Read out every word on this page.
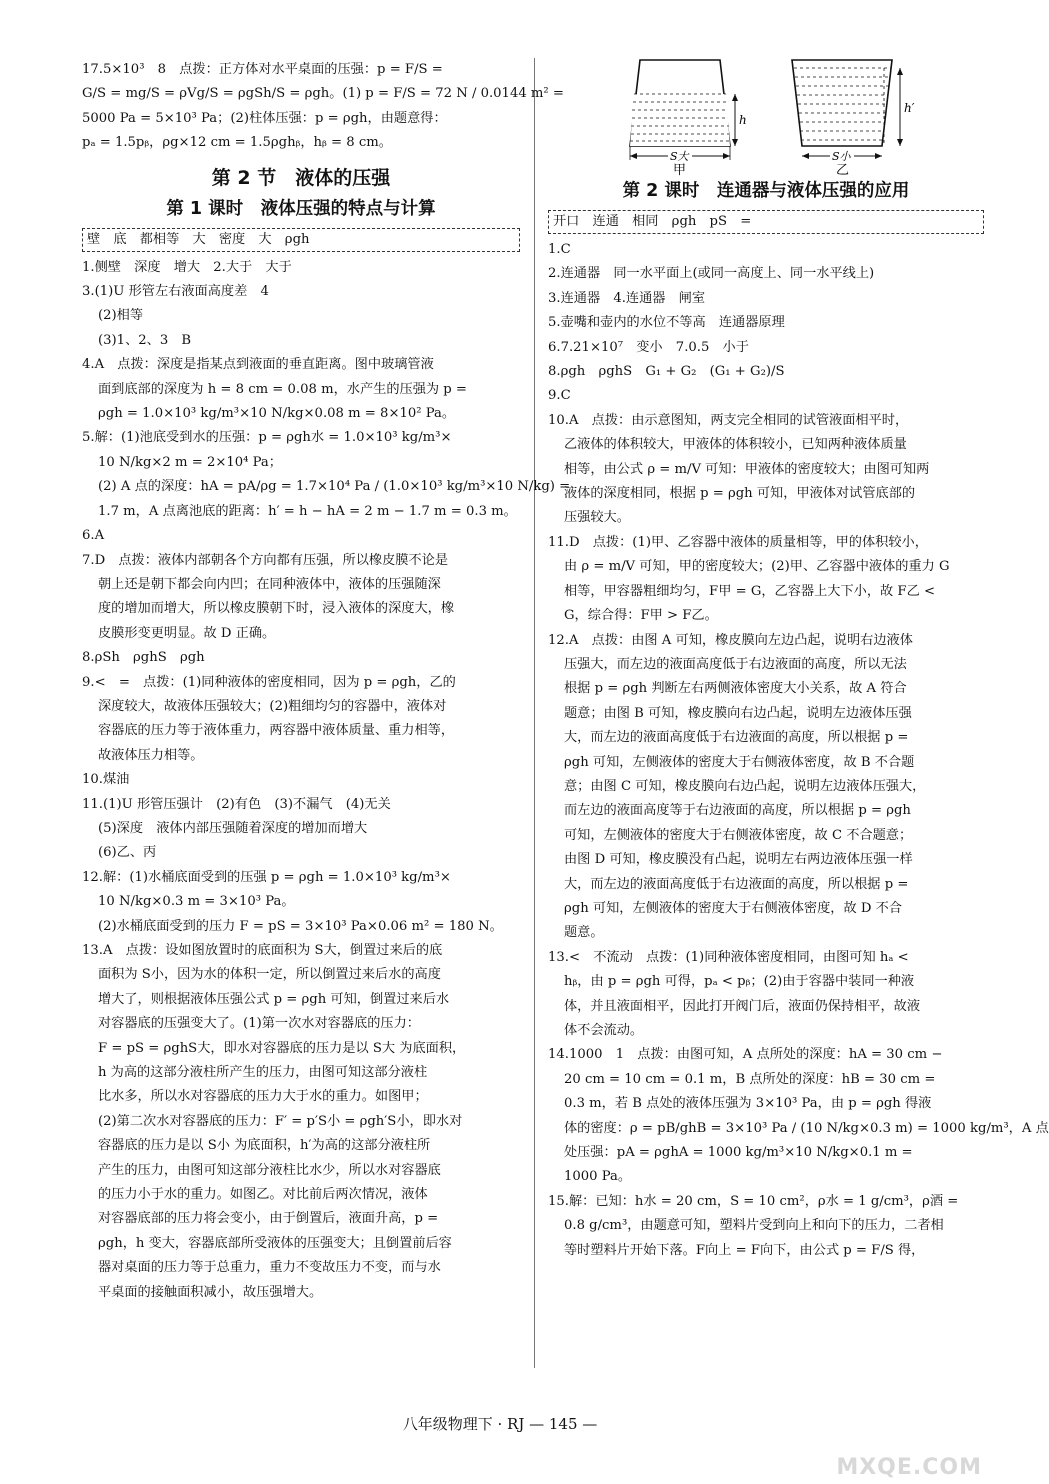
17.5×10³　8　点拨：正方体对水平桌面的压强：p = F/S =
G/S = mg/S = ρVg/S = ρgSh/S = ρgh。(1) p = F/S = 72 N / 0.0144 m² =
5000 Pa = 5×10³ Pa；(2)柱体压强：p = ρgh，由题意得：
pₐ = 1.5pᵦ，ρg×12 cm = 1.5ρghᵦ，hᵦ = 8 cm。
第 2 节　液体的压强
第 1 课时　液体压强的特点与计算
壁　底　都相等　大　密度　大　ρgh
1.侧壁　深度　增大　2.大于　大于
3.(1)U 形管左右液面高度差　4
(2)相等
(3)1、2、3　B
4.A　点拨：深度是指某点到液面的垂直距离。图中玻璃管液
面到底部的深度为 h = 8 cm = 0.08 m，水产生的压强为 p =
ρgh = 1.0×10³ kg/m³×10 N/kg×0.08 m = 8×10² Pa。
5.解：(1)池底受到水的压强：p = ρgh水 = 1.0×10³ kg/m³×
10 N/kg×2 m = 2×10⁴ Pa；
(2) A 点的深度：hA = pA/ρg = 1.7×10⁴ Pa / (1.0×10³ kg/m³×10 N/kg) =
1.7 m，A 点离池底的距离：h′ = h − hA = 2 m − 1.7 m = 0.3 m。
6.A
7.D　点拨：液体内部朝各个方向都有压强，所以橡皮膜不论是
朝上还是朝下都会向内凹；在同种液体中，液体的压强随深
度的增加而增大，所以橡皮膜朝下时，浸入液体的深度大，橡
皮膜形变更明显。故 D 正确。
8.ρSh　ρghS　ρgh
9.<　=　点拨：(1)同种液体的密度相同，因为 p = ρgh，乙的
深度较大，故液体压强较大；(2)粗细均匀的容器中，液体对
容器底的压力等于液体重力，两容器中液体质量、重力相等，
故液体压力相等。
10.煤油
11.(1)U 形管压强计　(2)有色　(3)不漏气　(4)无关
(5)深度　液体内部压强随着深度的增加而增大
(6)乙、丙
12.解：(1)水桶底面受到的压强 p = ρgh = 1.0×10³ kg/m³×
10 N/kg×0.3 m = 3×10³ Pa。
(2)水桶底面受到的压力 F = pS = 3×10³ Pa×0.06 m² = 180 N。
13.A　点拨：设如图放置时的底面积为 S大，倒置过来后的底
面积为 S小，因为水的体积一定，所以倒置过来后水的高度
增大了，则根据液体压强公式 p = ρgh 可知，倒置过来后水
对容器底的压强变大了。(1)第一次水对容器底的压力：
F = pS = ρghS大，即水对容器底的压力是以 S大 为底面积，
h 为高的这部分液柱所产生的压力，由图可知这部分液柱
比水多，所以水对容器底的压力大于水的重力。如图甲；
(2)第二次水对容器底的压力：F′ = p′S小 = ρgh′S小，即水对
容器底的压力是以 S小 为底面积，h′为高的这部分液柱所
产生的压力，由图可知这部分液柱比水少，所以水对容器底
的压力小于水的重力。如图乙。对比前后两次情况，液体
对容器底部的压力将会变小，由于倒置后，液面升高，p =
ρgh，h 变大，容器底部所受液体的压强变大；且倒置前后容
器对桌面的压力等于总重力，重力不变故压力不变，而与水
平桌面的接触面积减小，故压强增大。
h
S大
甲
h′
S小
乙
第 2 课时　连通器与液体压强的应用
开口　连通　相同　ρgh　pS　=
1.C
2.连通器　同一水平面上(或同一高度上、同一水平线上)
3.连通器　4.连通器　闸室
5.壶嘴和壶内的水位不等高　连通器原理
6.7.21×10⁷　变小　7.0.5　小于
8.ρgh　ρghS　G₁ + G₂　(G₁ + G₂)/S
9.C
10.A　点拨：由示意图知，两支完全相同的试管液面相平时，
乙液体的体积较大，甲液体的体积较小，已知两种液体质量
相等，由公式 ρ = m/V 可知：甲液体的密度较大；由图可知两
液体的深度相同，根据 p = ρgh 可知，甲液体对试管底部的
压强较大。
11.D　点拨：(1)甲、乙容器中液体的质量相等，甲的体积较小，
由 ρ = m/V 可知，甲的密度较大；(2)甲、乙容器中液体的重力 G
相等，甲容器粗细均匀，F甲 = G，乙容器上大下小，故 F乙 <
G，综合得：F甲 > F乙。
12.A　点拨：由图 A 可知，橡皮膜向左边凸起，说明右边液体
压强大，而左边的液面高度低于右边液面的高度，所以无法
根据 p = ρgh 判断左右两侧液体密度大小关系，故 A 符合
题意；由图 B 可知，橡皮膜向右边凸起，说明左边液体压强
大，而左边的液面高度低于右边液面的高度，所以根据 p =
ρgh 可知，左侧液体的密度大于右侧液体密度，故 B 不合题
意；由图 C 可知，橡皮膜向右边凸起，说明左边液体压强大，
而左边的液面高度等于右边液面的高度，所以根据 p = ρgh
可知，左侧液体的密度大于右侧液体密度，故 C 不合题意；
由图 D 可知，橡皮膜没有凸起，说明左右两边液体压强一样
大，而左边的液面高度低于右边液面的高度，所以根据 p =
ρgh 可知，左侧液体的密度大于右侧液体密度，故 D 不合
题意。
13.<　不流动　点拨：(1)同种液体密度相同，由图可知 hₐ <
hᵦ，由 p = ρgh 可得，pₐ < pᵦ；(2)由于容器中装同一种液
体，并且液面相平，因此打开阀门后，液面仍保持相平，故液
体不会流动。
14.1000　1　点拨：由图可知，A 点所处的深度：hA = 30 cm −
20 cm = 10 cm = 0.1 m，B 点所处的深度：hB = 30 cm =
0.3 m，若 B 点处的液体压强为 3×10³ Pa，由 p = ρgh 得液
体的密度：ρ = pB/ghB = 3×10³ Pa / (10 N/kg×0.3 m) = 1000 kg/m³，A 点
处压强：pA = ρghA = 1000 kg/m³×10 N/kg×0.1 m =
1000 Pa。
15.解：已知：h水 = 20 cm，S = 10 cm²，ρ水 = 1 g/cm³，ρ酒 =
0.8 g/cm³，由题意可知，塑料片受到向上和向下的压力，二者相
等时塑料片开始下落。F向上 = F向下，由公式 p = F/S 得，
八年级物理下 · RJ — 145 —
MXQE.COM
